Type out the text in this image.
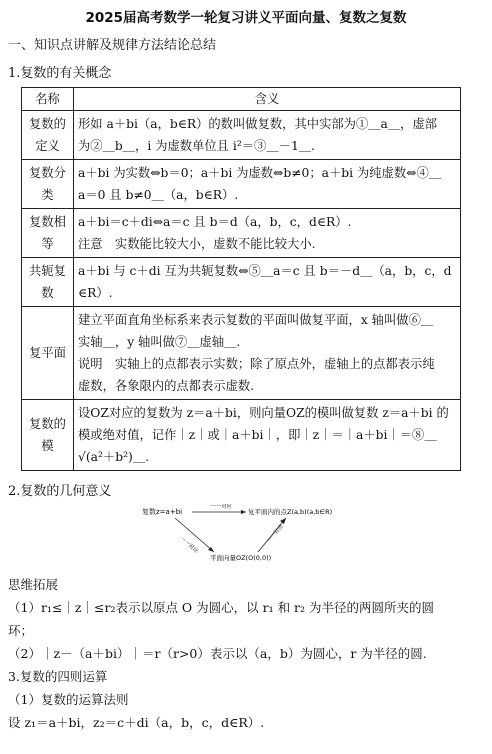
2025届高考数学一轮复习讲义平面向量、复数之复数
一、知识点讲解及规律方法结论总结
1.复数的有关概念
名称	含义
复数的定义	形如 a＋bi（a，b∈R）的数叫做复数，其中实部为①＿a＿，虚部
为②＿b＿，i 为虚数单位且 i²＝③＿－1＿.

复数分类	a＋bi 为实数⇔b＝0；a＋bi 为虚数⇔b≠0；a＋bi 为纯虚数⇔④＿
a＝0 且 b≠0＿（a，b∈R）.

复数相等	a＋bi＝c＋di⇔a＝c 且 b＝d（a，b，c，d∈R）.
注意　实数能比较大小，虚数不能比较大小.

共轭复数	a＋bi 与 c＋di 互为共轭复数⇔⑤＿a＝c 且 b＝－d＿（a，b，c，d
∈R）.

复平面	建立平面直角坐标系来表示复数的平面叫做复平面，x 轴叫做⑥＿
实轴＿，y 轴叫做⑦＿虚轴＿.
说明　实轴上的点都表示实数；除了原点外，虚轴上的点都表示纯
虚数，各象限内的点都表示虚数.

复数的模	设OZ对应的复数为 z＝a＋bi，则向量OZ的模叫做复数 z＝a＋bi 的
模或绝对值，记作｜z｜或｜a＋bi｜，即｜z｜＝｜a＋bi｜＝⑧＿
√(a²＋b²)＿.
2.复数的几何意义
复数z=a+bi	复平面内的点Z(a,b)(a,b∈R)
平面向量OZ(O(0,0))
一一对应
一一对应
一一对应
思维拓展
（1）r₁≤｜z｜≤r₂表示以原点 O 为圆心，以 r₁ 和 r₂ 为半径的两圆所夹的圆
环；
（2）｜z－（a＋bi）｜＝r（r>0）表示以（a，b）为圆心，r 为半径的圆.
3.复数的四则运算
（1）复数的运算法则
设 z₁＝a＋bi，z₂＝c＋di（a，b，c，d∈R）.
